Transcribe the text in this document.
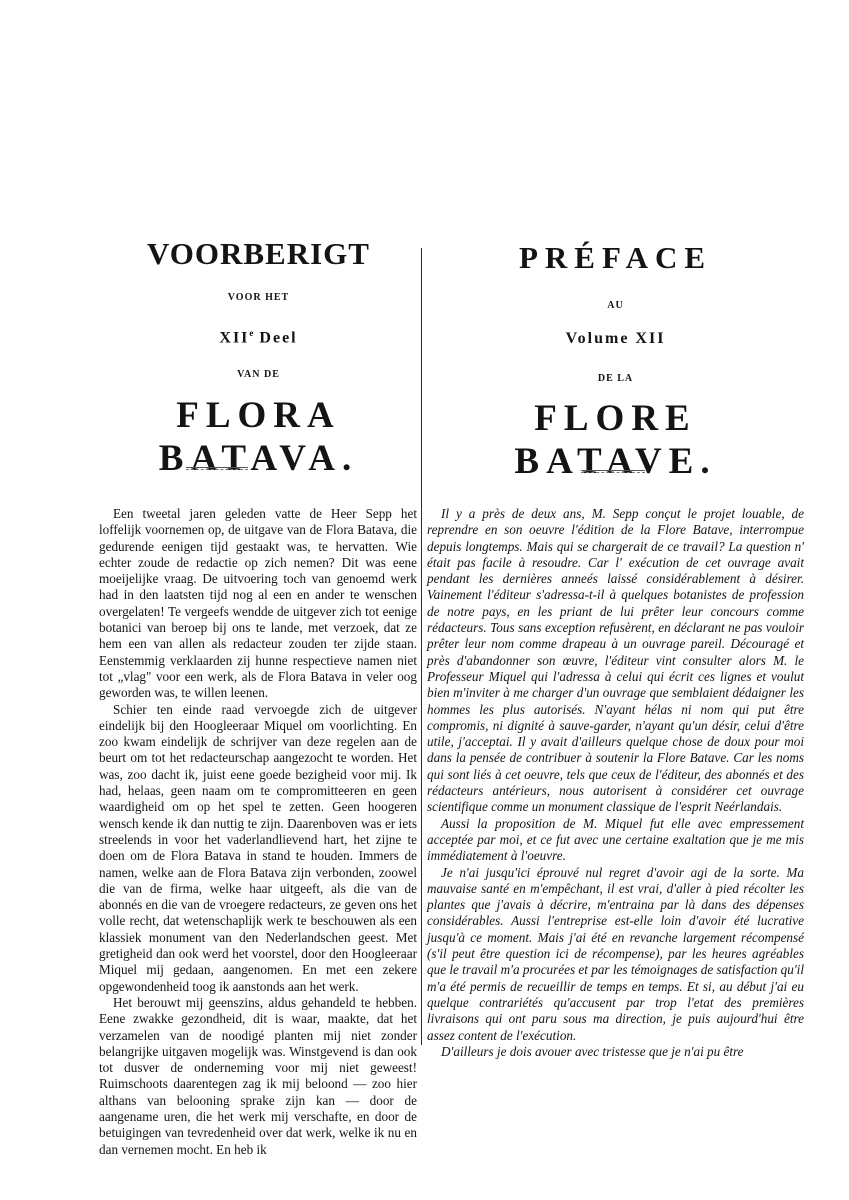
VOORBERIGT
VOOR HET
XIIe Deel
VAN DE
FLORA BATAVA.
PRÉFACE
AU
Volume XII
DE LA
FLORE BATAVE.

Een tweetal jaren geleden vatte de Heer Sepp het loffelijk voornemen op, de uitgave van de Flora Batava, die gedurende eenigen tijd gestaakt was, te hervatten. Wie echter zoude de redactie op zich nemen? Dit was eene moeijelijke vraag. De uitvoering toch van genoemd werk had in den laatsten tijd nog al een en ander te wenschen overgelaten! Te vergeefs wendde de uitgever zich tot eenige botanici van beroep bij ons te lande, met verzoek, dat ze hem een van allen als redacteur zouden ter zijde staan. Eenstemmig verklaarden zij hunne respectieve namen niet tot „vlag" voor een werk, als de Flora Batava in veler oog geworden was, te willen leenen.

Schier ten einde raad vervoegde zich de uitgever eindelijk bij den Hoogleeraar Miquel om voorlichting. En zoo kwam eindelijk de schrijver van deze regelen aan de beurt om tot het redacteurschap aangezocht te worden. Het was, zoo dacht ik, juist eene goede bezigheid voor mij. Ik had, helaas, geen naam om te compromitteeren en geen waardigheid om op het spel te zetten. Geen hoogeren wensch kende ik dan nuttig te zijn. Daarenboven was er iets streelends in voor het vaderlandlievend hart, het zijne te doen om de Flora Batava in stand te houden. Immers de namen, welke aan de Flora Batava zijn verbonden, zoowel die van de firma, welke haar uitgeeft, als die van de abonnés en die van de vroegere redacteurs, ze geven ons het volle recht, dat wetenschaplijk werk te beschouwen als een klassiek monument van den Nederlandschen geest. Met gretigheid dan ook werd het voorstel, door den Hoogleeraar Miquel mij gedaan, aangenomen. En met een zekere opgewondenheid toog ik aanstonds aan het werk.

Het berouwt mij geenszins, aldus gehandeld te hebben. Eene zwakke gezondheid, dit is waar, maakte, dat het verzamelen van de noodigé planten mij niet zonder belangrijke uitgaven mogelijk was. Winstgevend is dan ook tot dusver de onderneming voor mij niet geweest! Ruimschoots daarentegen zag ik mij beloond — zoo hier althans van belooning sprake zijn kan — door de aangename uren, die het werk mij verschafte, en door de betuigingen van tevredenheid over dat werk, welke ik nu en dan vernemen mocht. En heb ik

Il y a près de deux ans, M. Sepp conçut le projet louable, de reprendre en son oeuvre l'édition de la Flore Batave, interrompue depuis longtemps. Mais qui se chargerait de ce travail? La question n' était pas facile à resoudre. Car l' exécution de cet ouvrage avait pendant les dernières anneés laissé considérablement à désirer. Vainement l'éditeur s'adressa-t-il à quelques botanistes de profession de notre pays, en les priant de lui prêter leur concours comme rédacteurs. Tous sans exception refusèrent, en déclarant ne pas vouloir prêter leur nom comme drapeau à un ouvrage pareil. Découragé et près d'abandonner son œuvre, l'éditeur vint consulter alors M. le Professeur Miquel qui l'adressa à celui qui écrit ces lignes et voulut bien m'inviter à me charger d'un ouvrage que semblaient dédaigner les hommes les plus autorisés. N'ayant hélas ni nom qui put être compromis, ni dignité à sauve-garder, n'ayant qu'un désir, celui d'être utile, j'acceptai. Il y avait d'ailleurs quelque chose de doux pour moi dans la pensée de contribuer à soutenir la Flore Batave. Car les noms qui sont liés à cet oeuvre, tels que ceux de l'éditeur, des abonnés et des rédacteurs antérieurs, nous autorisent à considérer cet ouvrage scientifique comme un monument classique de l'esprit Neérlandais.

Aussi la proposition de M. Miquel fut elle avec empressement acceptée par moi, et ce fut avec une certaine exaltation que je me mis immédiatement à l'oeuvre.

Je n'ai jusqu'ici éprouvé nul regret d'avoir agi de la sorte. Ma mauvaise santé en m'empêchant, il est vrai, d'aller à pied récolter les plantes que j'avais à décrire, m'entraina par là dans des dépenses considérables. Aussi l'entreprise est-elle loin d'avoir été lucrative jusqu'à ce moment. Mais j'ai été en revanche largement récompensé (s'il peut être question ici de récompense), par les heures agréables que le travail m'a procurées et par les témoignages de satisfaction qu'il m'a été permis de recueillir de temps en temps. Et si, au début j'ai eu quelque contrariétés qu'accusent par trop l'etat des premières livraisons qui ont paru sous ma direction, je puis aujourd'hui être assez content de l'exécution.

D'ailleurs je dois avouer avec tristesse que je n'ai pu être
